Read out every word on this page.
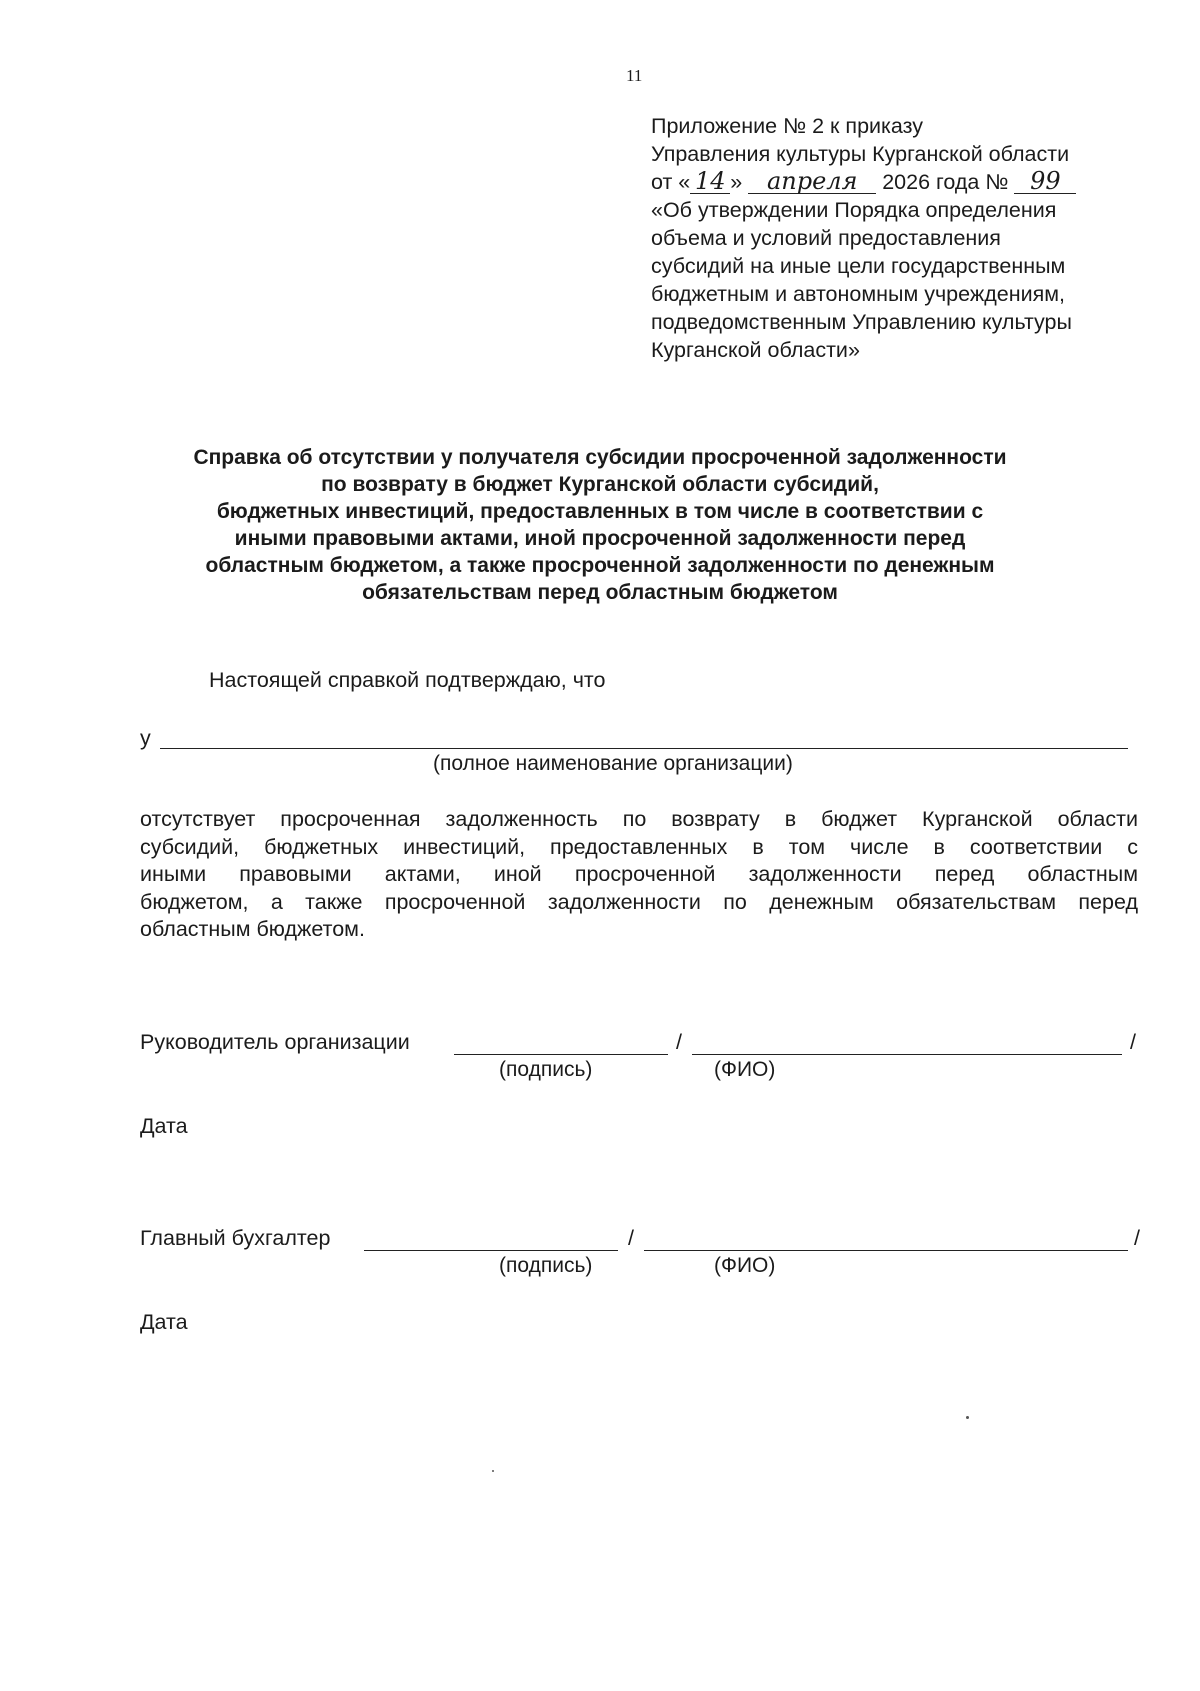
11
Приложение № 2 к приказу
Управления культуры Курганской области
от « 14 » апреля 2026 года № 99
«Об утверждении Порядка определения
объема и условий предоставления
субсидий на иные цели государственным
бюджетным и автономным учреждениям,
подведомственным Управлению культуры
Курганской области»
Справка об отсутствии у получателя субсидии просроченной задолженности
по возврату в бюджет Курганской области субсидий,
бюджетных инвестиций, предоставленных в том числе в соответствии с
иными правовыми актами, иной просроченной задолженности перед
областным бюджетом, а также просроченной задолженности по денежным
обязательствам перед областным бюджетом
Настоящей справкой подтверждаю, что
у
(полное наименование организации)
отсутствует просроченная задолженность по возврату в бюджет Курганской области
субсидий, бюджетных инвестиций, предоставленных в том числе в соответствии с
иными правовыми актами, иной просроченной задолженности перед областным
бюджетом, а также просроченной задолженности по денежным обязательствам перед
областным бюджетом.
Руководитель организации	/	/
(подпись)	(ФИО)
Дата
Главный бухгалтер	/	/
(подпись)	(ФИО)
Дата
